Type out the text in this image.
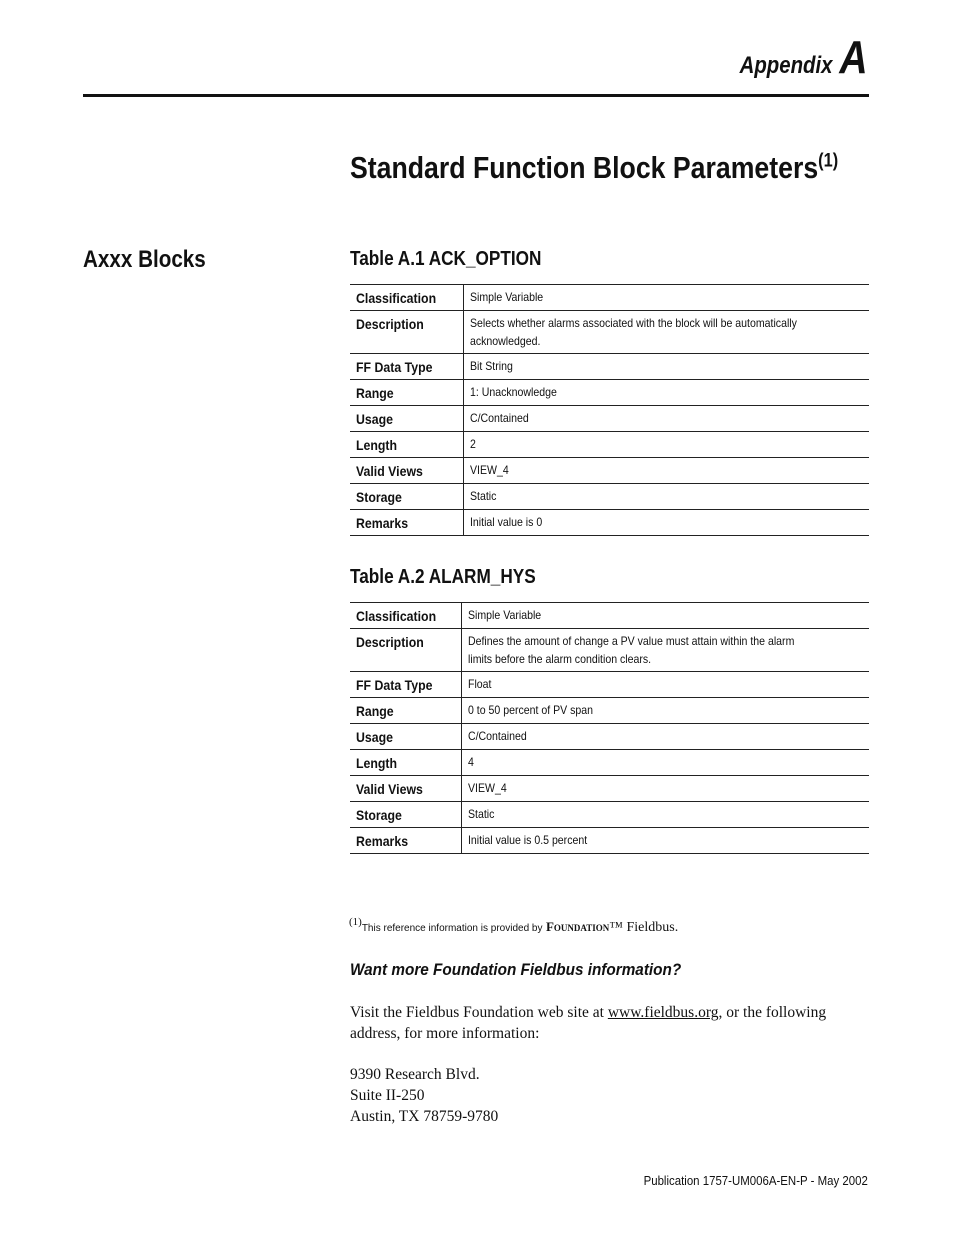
Appendix A
Standard Function Block Parameters$^{(1)}$
Axxx Blocks	Table A.1 ACK_OPTION
Classification	Simple Variable
Description	Selects whether alarms associated with the block will be automatically acknowledged.
FF Data Type	Bit String
Range	1: Unacknowledge
Usage	C/Contained
Length	2
Valid Views	VIEW_4
Storage	Static
Remarks	Initial value is 0
Table A.2 ALARM_HYS
Classification	Simple Variable
Description	Defines the amount of change a PV value must attain within the alarm limits before the alarm condition clears.
FF Data Type	Float
Range	0 to 50 percent of PV span
Usage	C/Contained
Length	4
Valid Views	VIEW_4
Storage	Static
Remarks	Initial value is 0.5 percent
$^{(1)}$This reference information is provided by Foundation™ Fieldbus.
Want more Foundation Fieldbus information?

Visit the Fieldbus Foundation web site at www.fieldbus.org, or the following address, for more information:

9390 Research Blvd.
Suite II-250
Austin, TX 78759-9780
Publication 1757-UM006A-EN-P - May 2002
